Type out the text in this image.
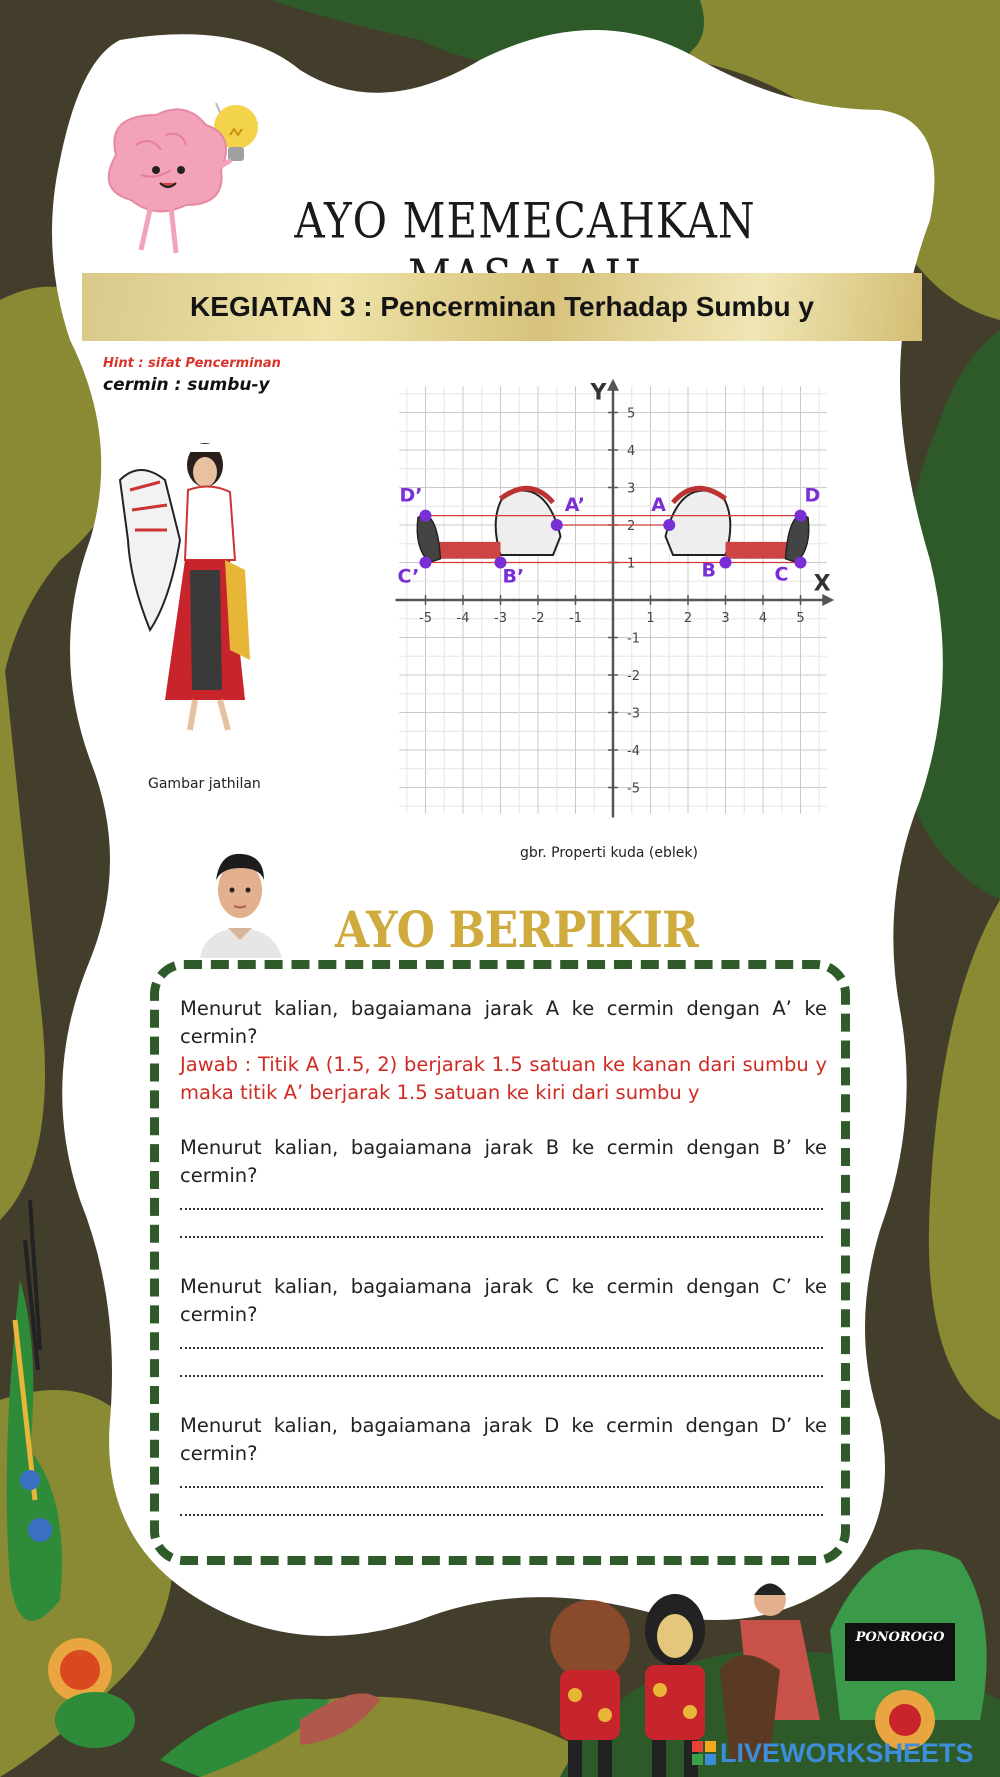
AYO MEMECAHKAN
KEGIATAN 3 : Pencerminan Terhadap Sumbu y
Hint : sifat Pencerminan
cermin : sumbu-y
Gambar jathilan
X
Y
-5 -4 -3 -2 -1	1 2 3 4 5
5
4
3
2
1
-1
-2
-3
-4
-5
A
B	C
D
A’
B’
C’
D’
gbr. Properti kuda (eblek)
AYO BERPIKIR
Menurut kalian, bagaiamana jarak A ke cermin dengan A’ ke cermin?
Jawab : Titik A (1.5, 2) berjarak 1.5 satuan ke kanan dari sumbu y maka titik A’ berjarak 1.5 satuan ke kiri dari sumbu y
Menurut kalian, bagaiamana jarak B ke cermin dengan B’ ke cermin?
Menurut kalian, bagaiamana jarak C ke cermin dengan C’ ke cermin?
Menurut kalian, bagaiamana jarak D ke cermin dengan D’ ke cermin?
PONOROGO
LIVEWORKSHEETS
